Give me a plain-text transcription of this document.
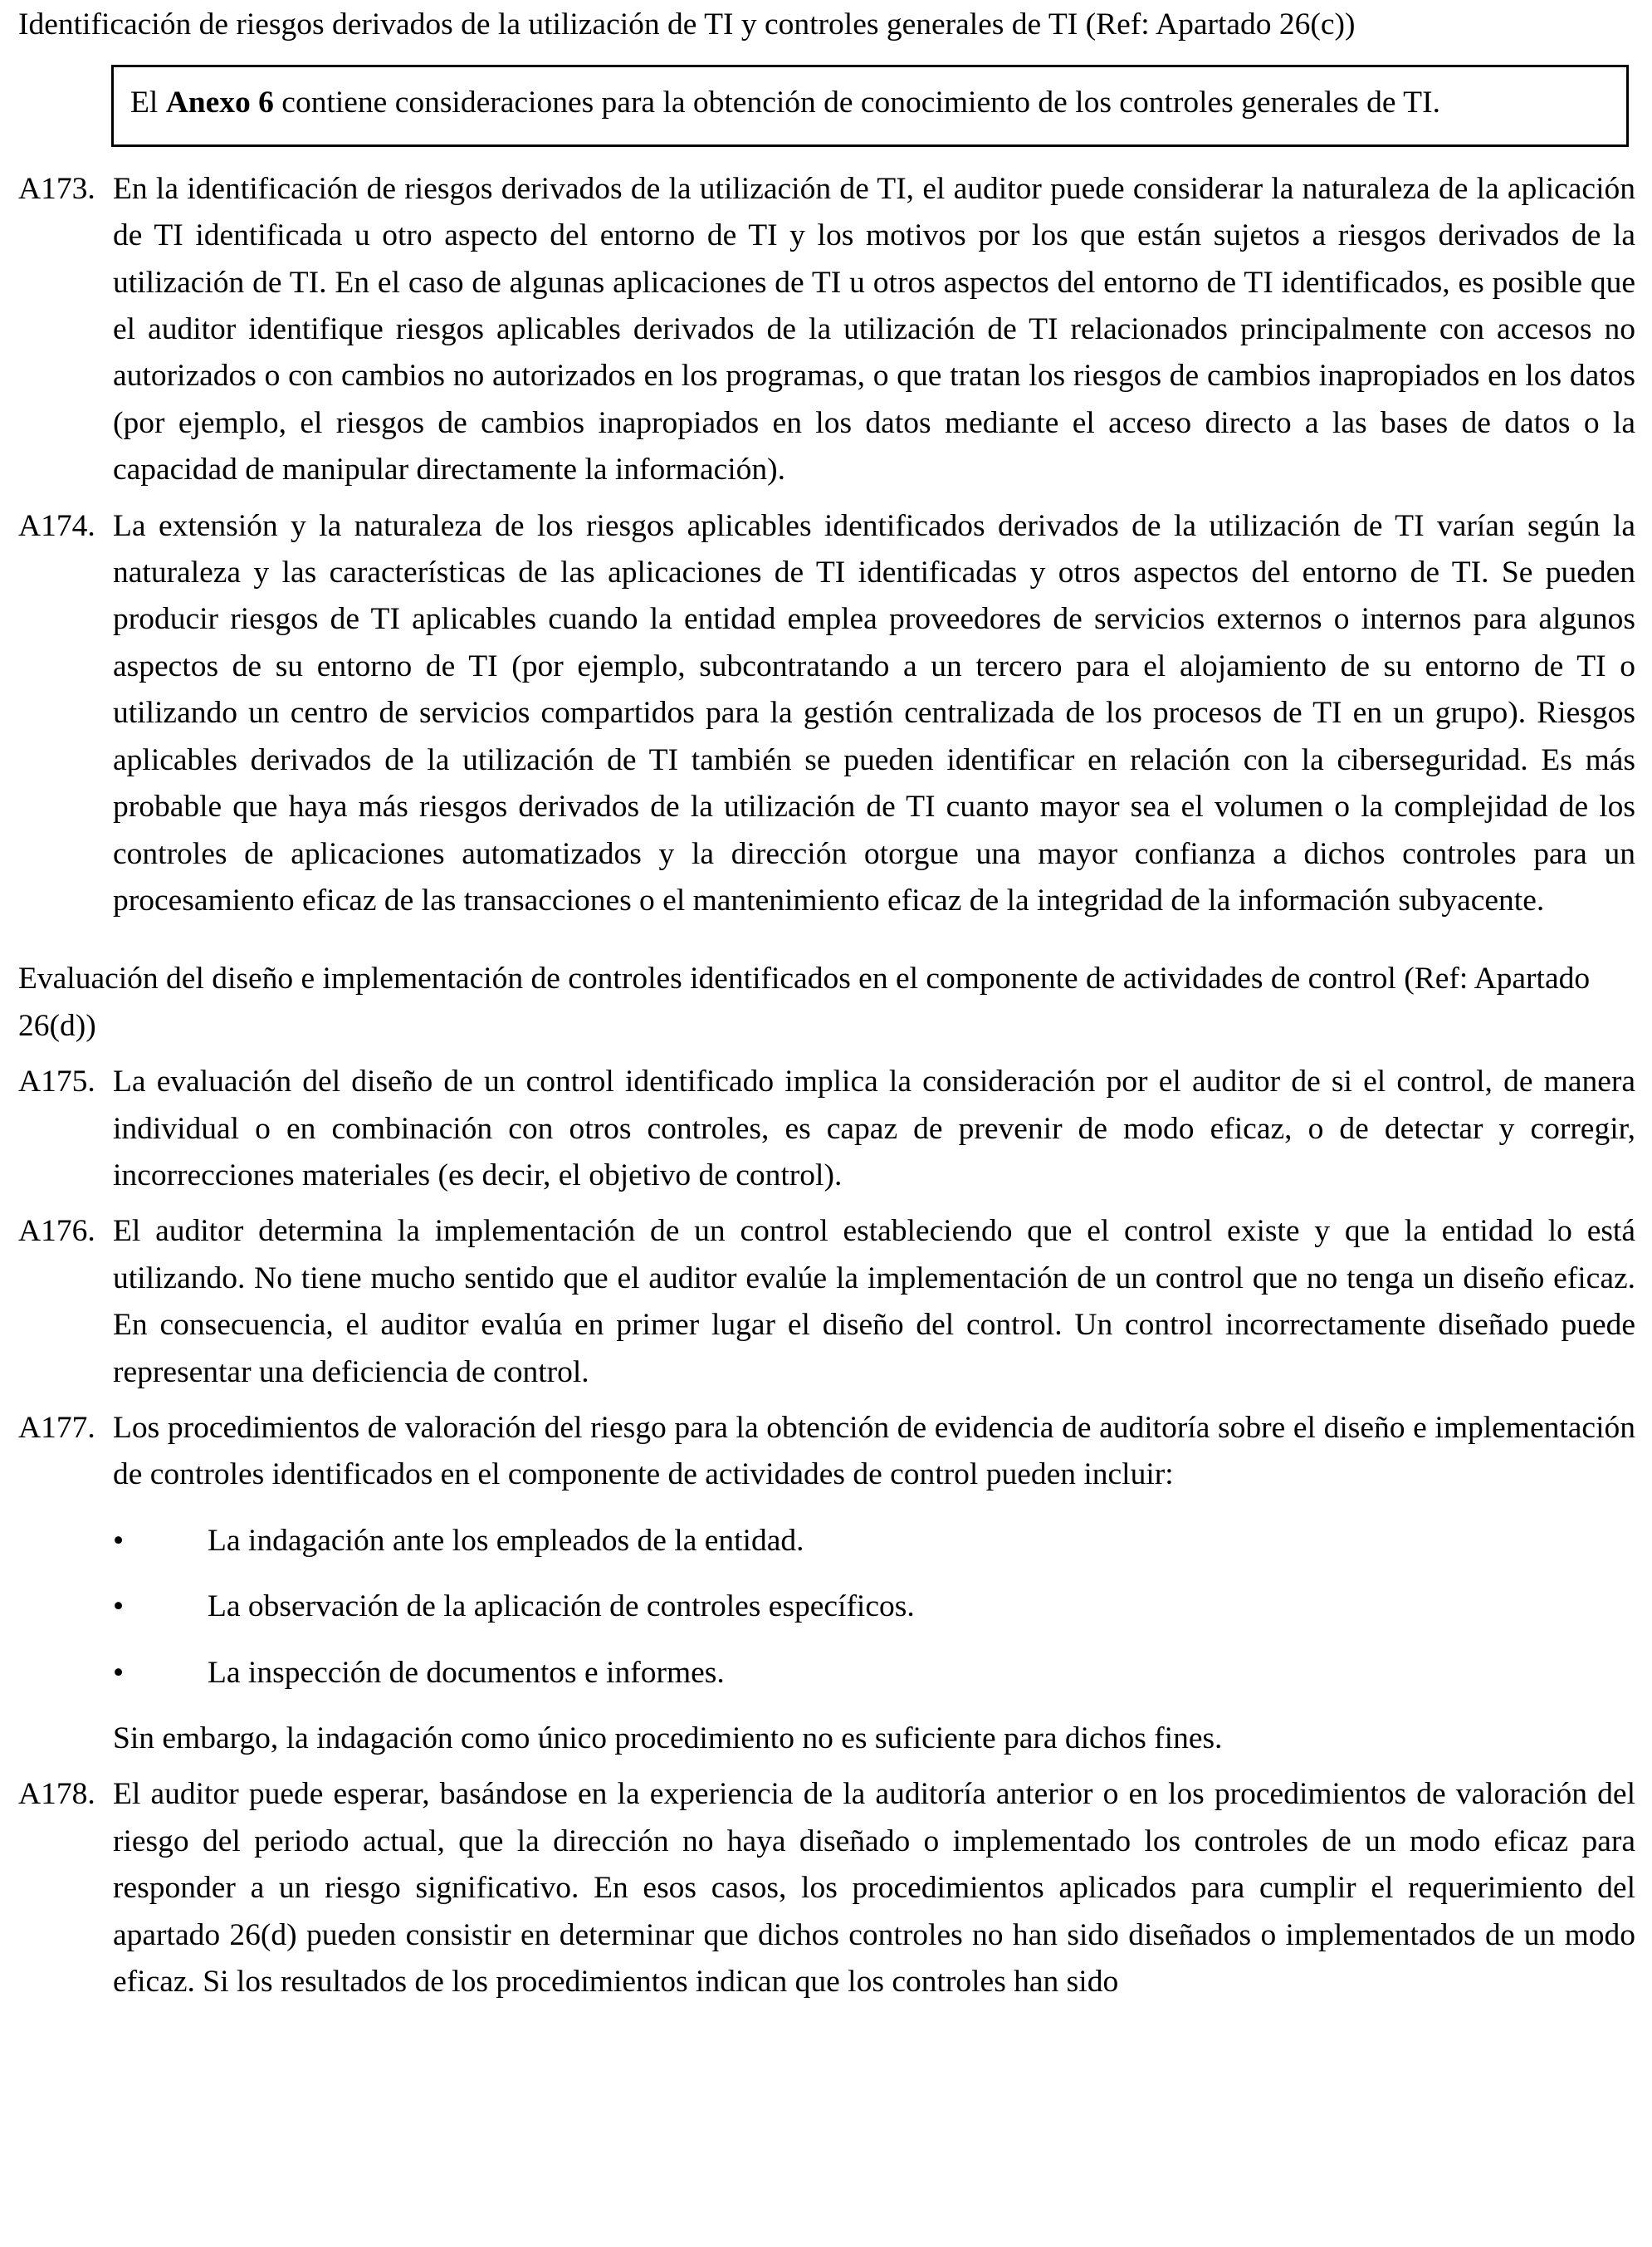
Identificación de riesgos derivados de la utilización de TI y controles generales de TI (Ref: Apartado 26(c))

El Anexo 6 contiene consideraciones para la obtención de conocimiento de los controles generales de TI.

A173. En la identificación de riesgos derivados de la utilización de TI, el auditor puede considerar la naturaleza de la aplicación de TI identificada u otro aspecto del entorno de TI y los motivos por los que están sujetos a riesgos derivados de la utilización de TI. En el caso de algunas aplicaciones de TI u otros aspectos del entorno de TI identificados, es posible que el auditor identifique riesgos aplicables derivados de la utilización de TI relacionados principalmente con accesos no autorizados o con cambios no autorizados en los programas, o que tratan los riesgos de cambios inapropiados en los datos (por ejemplo, el riesgos de cambios inapropiados en los datos mediante el acceso directo a las bases de datos o la capacidad de manipular directamente la información).

A174. La extensión y la naturaleza de los riesgos aplicables identificados derivados de la utilización de TI varían según la naturaleza y las características de las aplicaciones de TI identificadas y otros aspectos del entorno de TI. Se pueden producir riesgos de TI aplicables cuando la entidad emplea proveedores de servicios externos o internos para algunos aspectos de su entorno de TI (por ejemplo, subcontratando a un tercero para el alojamiento de su entorno de TI o utilizando un centro de servicios compartidos para la gestión centralizada de los procesos de TI en un grupo). Riesgos aplicables derivados de la utilización de TI también se pueden identificar en relación con la ciberseguridad. Es más probable que haya más riesgos derivados de la utilización de TI cuanto mayor sea el volumen o la complejidad de los controles de aplicaciones automatizados y la dirección otorgue una mayor confianza a dichos controles para un procesamiento eficaz de las transacciones o el mantenimiento eficaz de la integridad de la información subyacente.

Evaluación del diseño e implementación de controles identificados en el componente de actividades de control (Ref: Apartado 26(d))

A175. La evaluación del diseño de un control identificado implica la consideración por el auditor de si el control, de manera individual o en combinación con otros controles, es capaz de prevenir de modo eficaz, o de detectar y corregir, incorrecciones materiales (es decir, el objetivo de control).

A176. El auditor determina la implementación de un control estableciendo que el control existe y que la entidad lo está utilizando. No tiene mucho sentido que el auditor evalúe la implementación de un control que no tenga un diseño eficaz. En consecuencia, el auditor evalúa en primer lugar el diseño del control. Un control incorrectamente diseñado puede representar una deficiencia de control.

A177. Los procedimientos de valoración del riesgo para la obtención de evidencia de auditoría sobre el diseño e implementación de controles identificados en el componente de actividades de control pueden incluir:

•	La indagación ante los empleados de la entidad.
•	La observación de la aplicación de controles específicos.
•	La inspección de documentos e informes.

Sin embargo, la indagación como único procedimiento no es suficiente para dichos fines.

A178. El auditor puede esperar, basándose en la experiencia de la auditoría anterior o en los procedimientos de valoración del riesgo del periodo actual, que la dirección no haya diseñado o implementado los controles de un modo eficaz para responder a un riesgo significativo. En esos casos, los procedimientos aplicados para cumplir el requerimiento del apartado 26(d) pueden consistir en determinar que dichos controles no han sido diseñados o implementados de un modo eficaz. Si los resultados de los procedimientos indican que los controles han sido
